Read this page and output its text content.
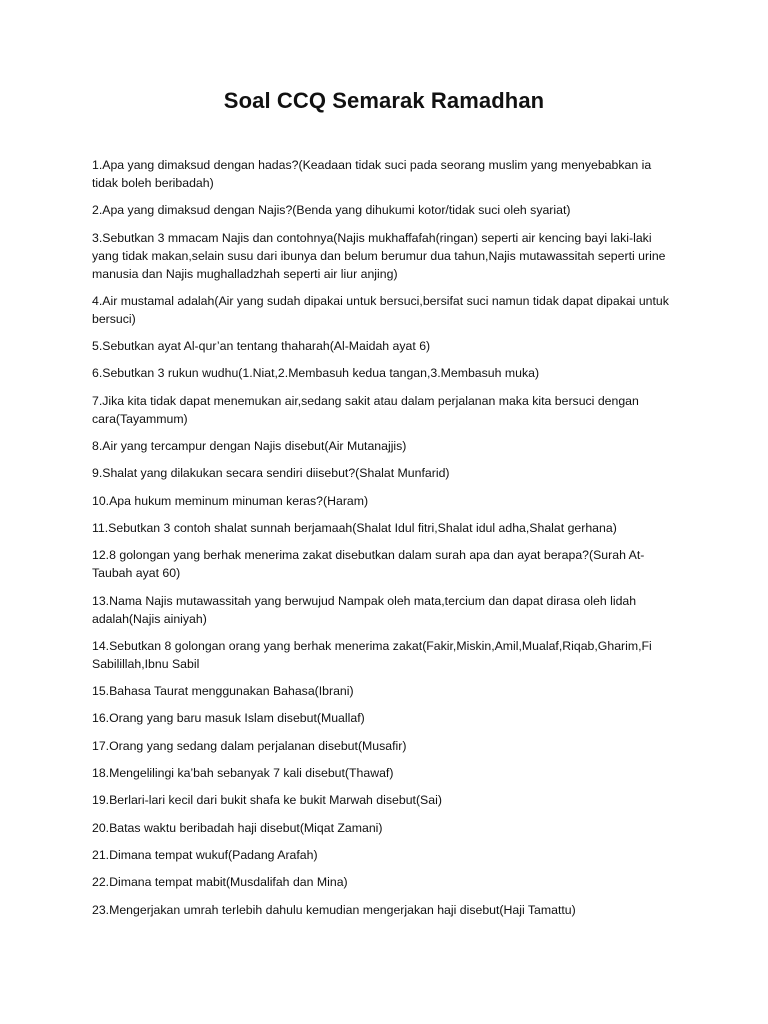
Soal CCQ Semarak Ramadhan

1.Apa yang dimaksud dengan hadas?(Keadaan tidak suci pada seorang muslim yang menyebabkan ia tidak boleh beribadah)

2.Apa yang dimaksud dengan Najis?(Benda yang dihukumi kotor/tidak suci oleh syariat)

3.Sebutkan 3 mmacam Najis dan contohnya(Najis mukhaffafah(ringan) seperti air kencing bayi laki-laki yang tidak makan,selain susu dari ibunya dan belum berumur dua tahun,Najis mutawassitah seperti urine manusia dan Najis mughalladzhah seperti air liur anjing)

4.Air mustamal adalah(Air yang sudah dipakai untuk bersuci,bersifat suci namun tidak dapat dipakai untuk bersuci)

5.Sebutkan ayat Al-qur’an tentang thaharah(Al-Maidah ayat 6)

6.Sebutkan 3 rukun wudhu(1.Niat,2.Membasuh kedua tangan,3.Membasuh muka)

7.Jika kita tidak dapat menemukan air,sedang sakit atau dalam perjalanan maka kita bersuci dengan cara(Tayammum)

8.Air yang tercampur dengan Najis disebut(Air Mutanajjis)

9.Shalat yang dilakukan secara sendiri diisebut?(Shalat Munfarid)

10.Apa hukum meminum minuman keras?(Haram)

11.Sebutkan 3 contoh shalat sunnah berjamaah(Shalat Idul fitri,Shalat idul adha,Shalat gerhana)

12.8 golongan yang berhak menerima zakat disebutkan dalam surah apa dan ayat berapa?(Surah At-Taubah ayat 60)

13.Nama Najis mutawassitah yang berwujud Nampak oleh mata,tercium dan dapat dirasa oleh lidah adalah(Najis ainiyah)

14.Sebutkan 8 golongan orang yang berhak menerima zakat(Fakir,Miskin,Amil,Mualaf,Riqab,Gharim,Fi Sabilillah,Ibnu Sabil

15.Bahasa Taurat menggunakan Bahasa(Ibrani)

16.Orang yang baru masuk Islam disebut(Muallaf)

17.Orang yang sedang dalam perjalanan disebut(Musafir)

18.Mengelilingi ka’bah sebanyak 7 kali disebut(Thawaf)

19.Berlari-lari kecil dari bukit shafa ke bukit Marwah disebut(Sai)

20.Batas waktu beribadah haji disebut(Miqat Zamani)

21.Dimana tempat wukuf(Padang Arafah)

22.Dimana tempat mabit(Musdalifah dan Mina)

23.Mengerjakan umrah terlebih dahulu kemudian mengerjakan haji disebut(Haji Tamattu)
